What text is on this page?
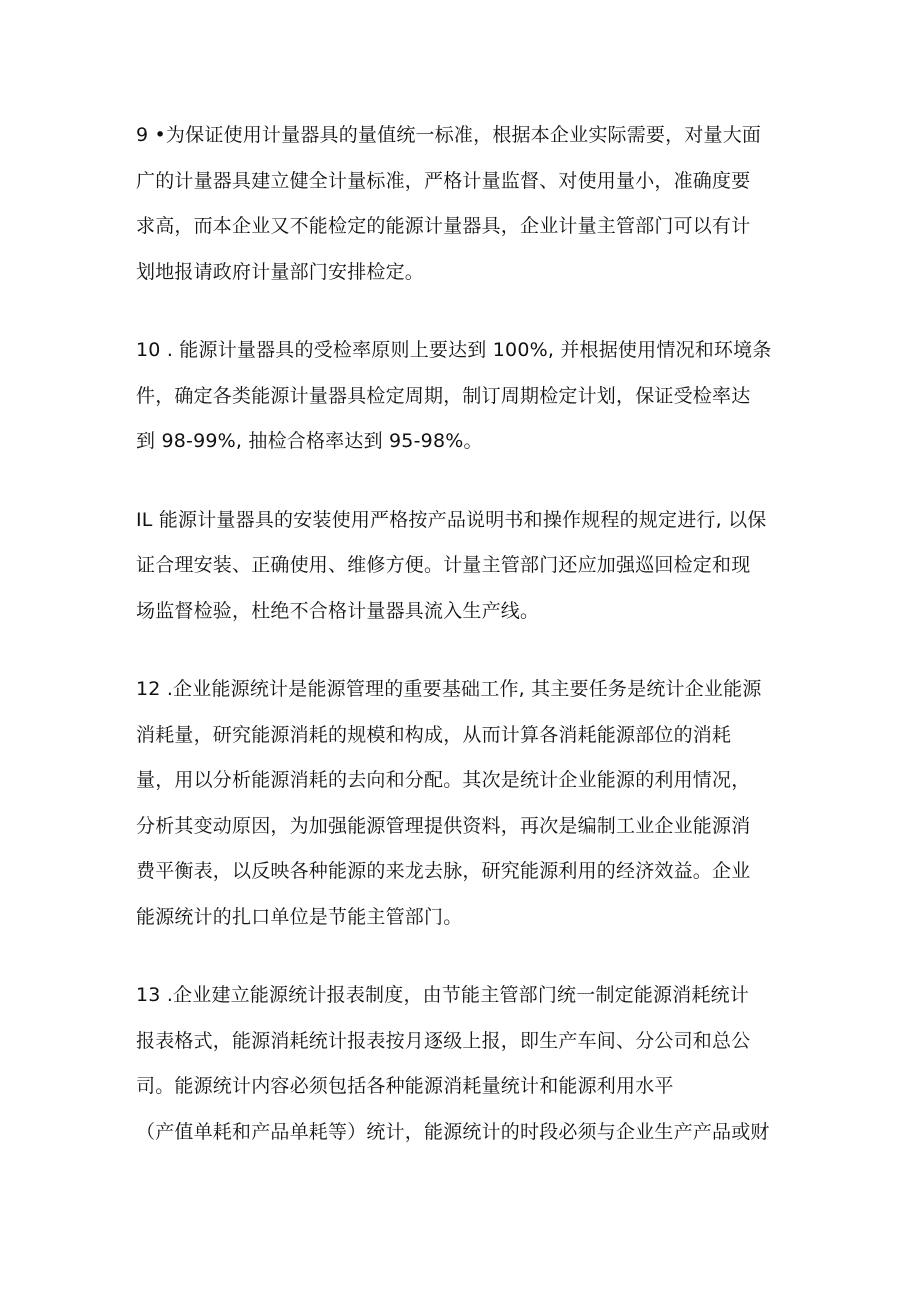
9 •为保证使用计量器具的量值统一标准，根据本企业实际需要，对量大面
广的计量器具建立健全计量标准，严格计量监督、对使用量小，准确度要
求高，而本企业又不能检定的能源计量器具，企业计量主管部门可以有计
划地报请政府计量部门安排检定。
10 . 能源计量器具的受检率原则上要达到 100%, 并根据使用情况和环境条
件，确定各类能源计量器具检定周期，制订周期检定计划，保证受检率达
到 98-99%, 抽检合格率达到 95-98%。
IL 能源计量器具的安装使用严格按产品说明书和操作规程的规定进行, 以保
证合理安装、正确使用、维修方便。计量主管部门还应加强巡回检定和现
场监督检验，杜绝不合格计量器具流入生产线。
12 .企业能源统计是能源管理的重要基础工作, 其主要任务是统计企业能源
消耗量，研究能源消耗的规模和构成，从而计算各消耗能源部位的消耗
量，用以分析能源消耗的去向和分配。其次是统计企业能源的利用情况，
分析其变动原因，为加强能源管理提供资料，再次是编制工业企业能源消
费平衡表，以反映各种能源的来龙去脉，研究能源利用的经济效益。企业
能源统计的扎口单位是节能主管部门。
13 .企业建立能源统计报表制度，由节能主管部门统一制定能源消耗统计
报表格式，能源消耗统计报表按月逐级上报，即生产车间、分公司和总公
司。能源统计内容必须包括各种能源消耗量统计和能源利用水平
（产值单耗和产品单耗等）统计，能源统计的时段必须与企业生产产品或财
